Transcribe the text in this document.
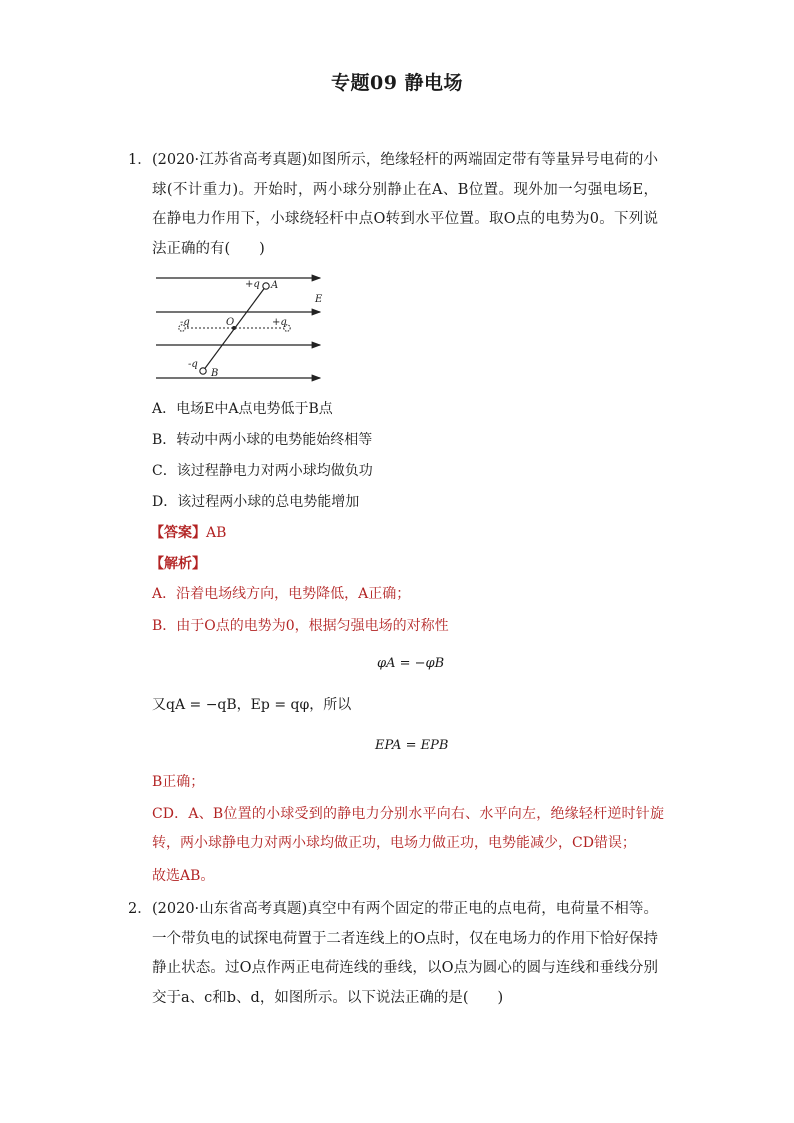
专题09 静电场
1． (2020·江苏省高考真题)如图所示，绝缘轻杆的两端固定带有等量异号电荷的小球(不计重力)。开始时，两小球分别静止在A、B位置。现外加一匀强电场E，在静电力作用下，小球绕轻杆中点O转到水平位置。取O点的电势为0。下列说法正确的有(　　)
+q A
E
-q	O	+q
-q
B
A．电场E中A点电势低于B点
B．转动中两小球的电势能始终相等
C．该过程静电力对两小球均做负功
D．该过程两小球的总电势能增加
【答案】AB
【解析】
A．沿着电场线方向，电势降低，A正确；
B．由于O点的电势为0，根据匀强电场的对称性
φA = −φB
又qA = −qB，Ep = qφ，所以
EPA = EPB
B正确；
CD．A、B位置的小球受到的静电力分别水平向右、水平向左，绝缘轻杆逆时针旋转，两小球静电力对两小球均做正功，电场力做正功，电势能减少，CD错误；
故选AB。
2． (2020·山东省高考真题)真空中有两个固定的带正电的点电荷，电荷量不相等。一个带负电的试探电荷置于二者连线上的O点时，仅在电场力的作用下恰好保持静止状态。过O点作两正电荷连线的垂线，以O点为圆心的圆与连线和垂线分别交于a、c和b、d，如图所示。以下说法正确的是(　　)
